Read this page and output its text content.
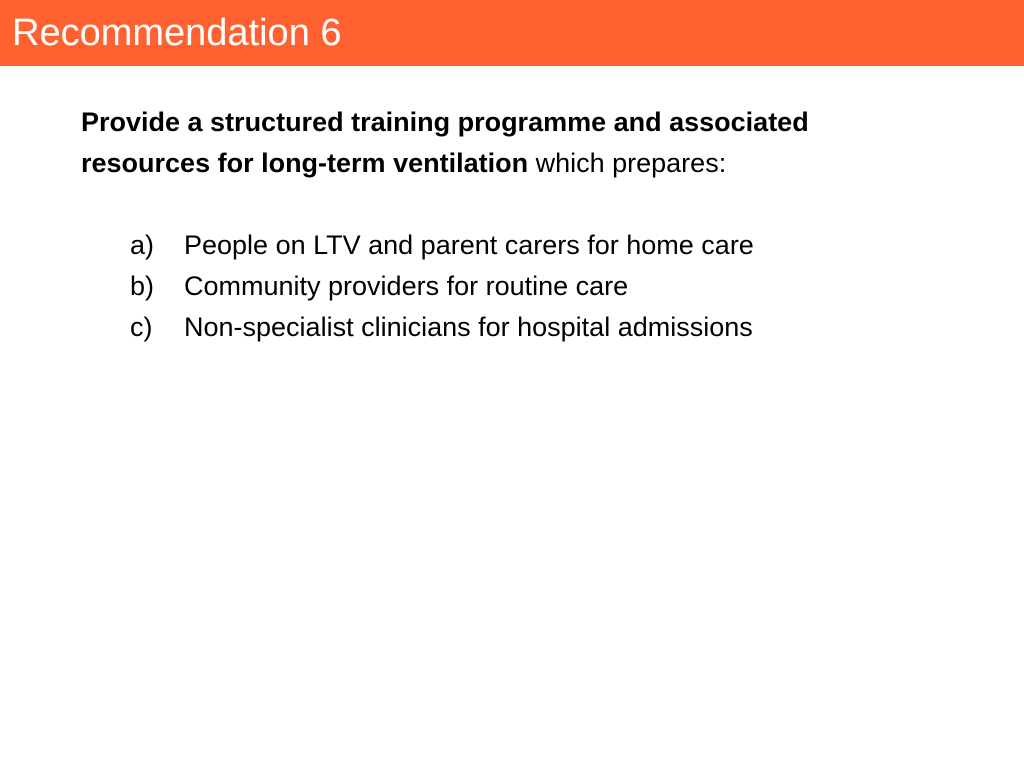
Recommendation 6
Provide a structured training programme and associated resources for long-term ventilation which prepares:
a)	People on LTV and parent carers for home care
b)	Community providers for routine care
c)	Non-specialist clinicians for hospital admissions
